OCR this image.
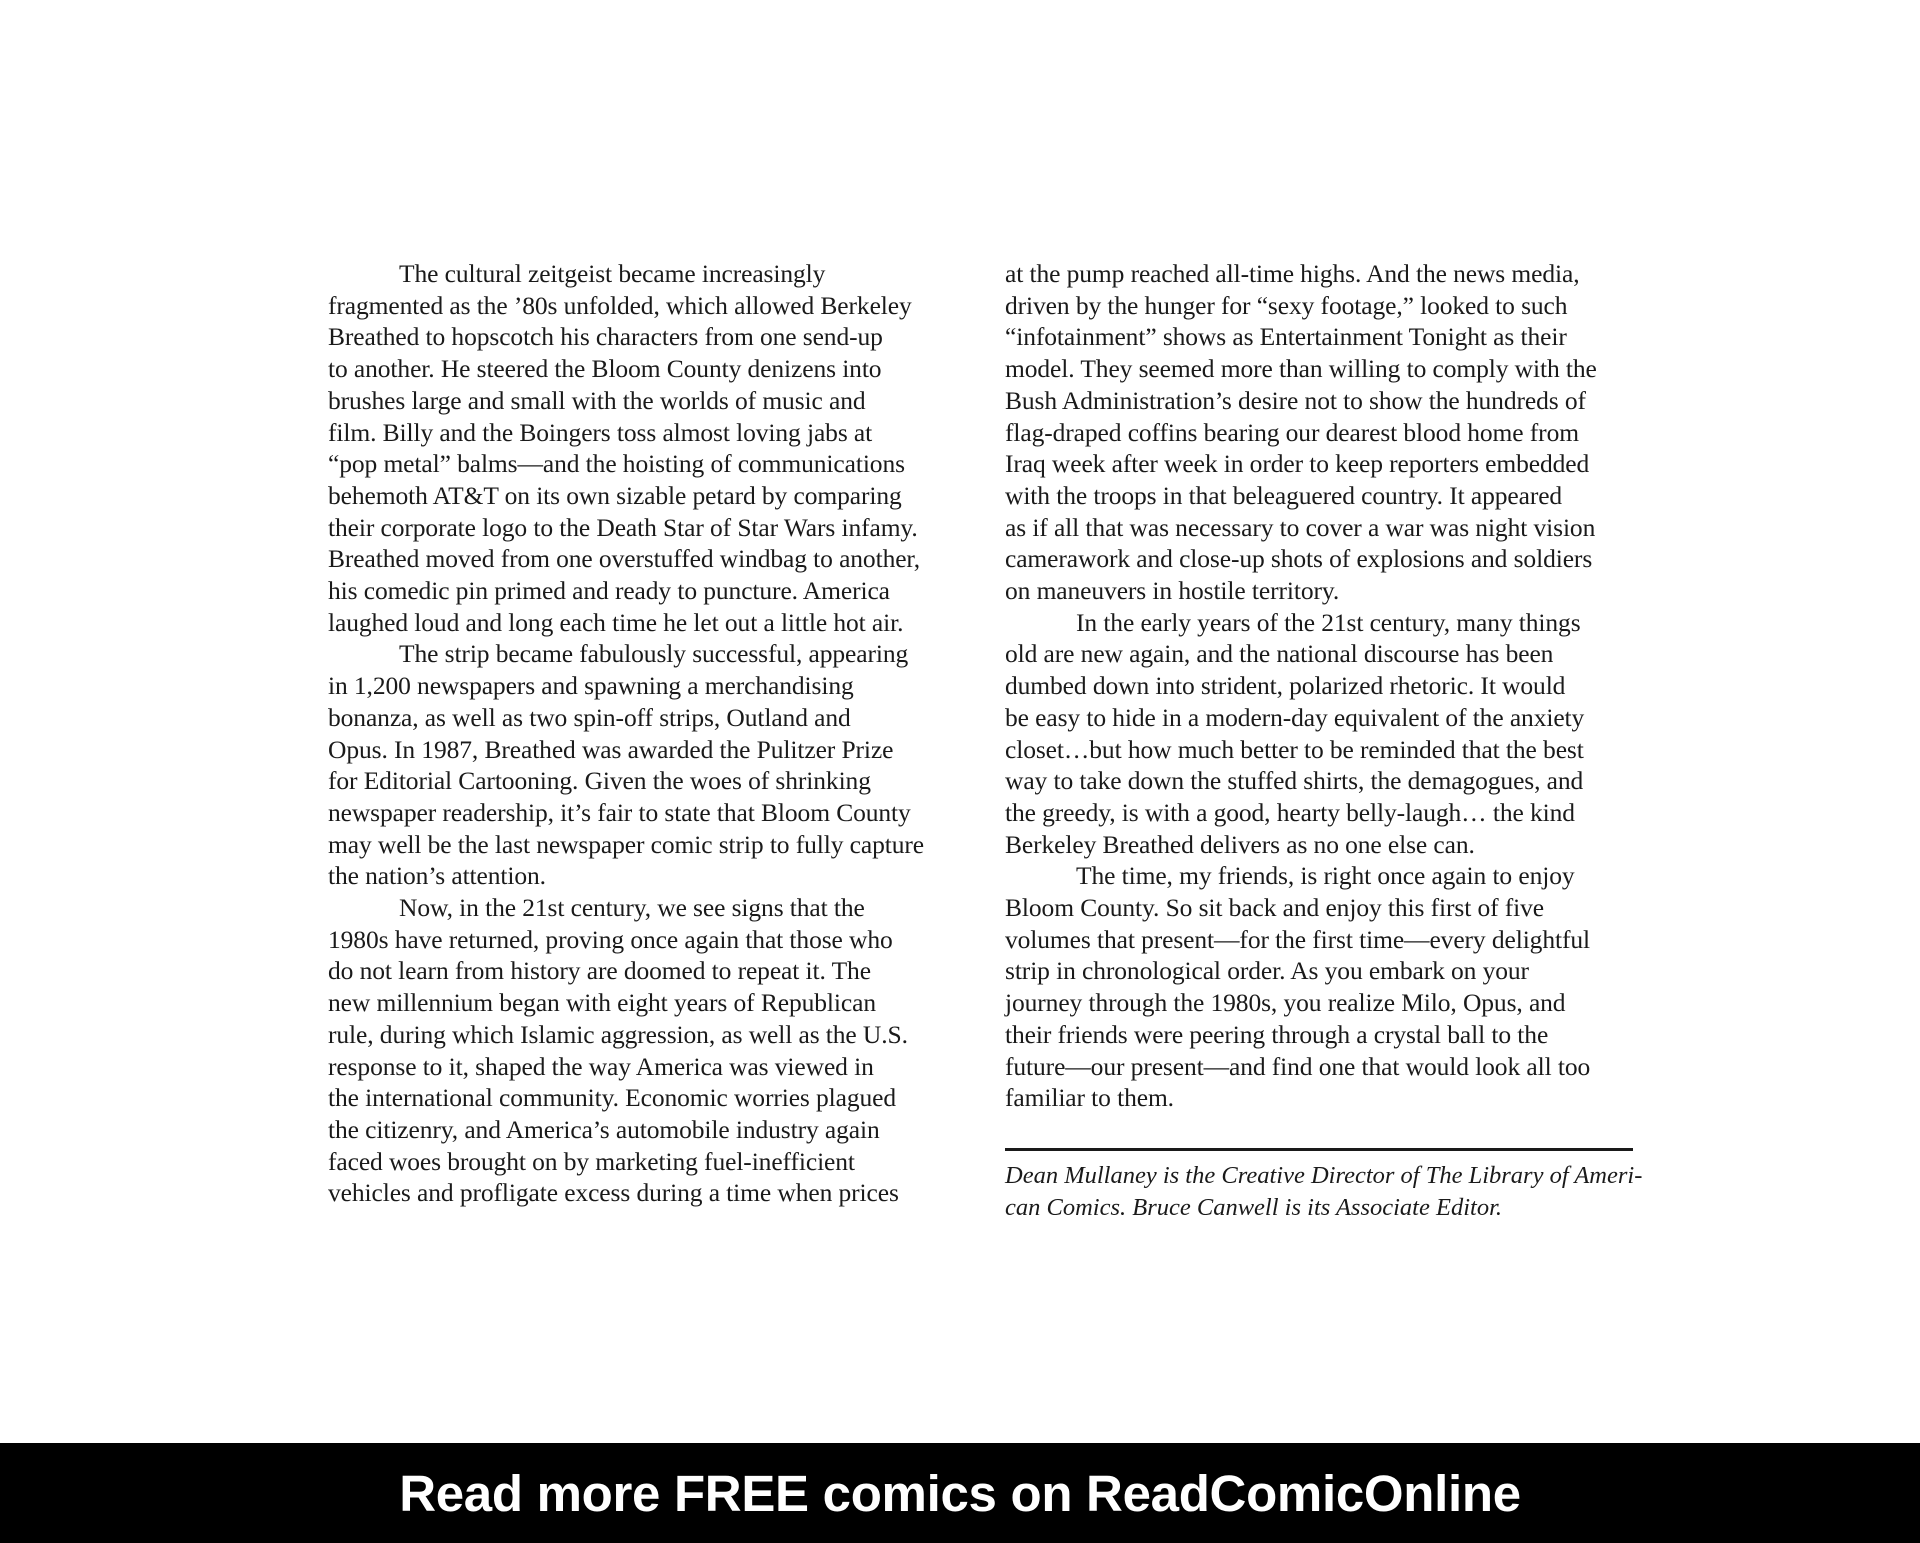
The cultural zeitgeist became increasingly
fragmented as the ’80s unfolded, which allowed Berkeley
Breathed to hopscotch his characters from one send-up
to another. He steered the Bloom County denizens into
brushes large and small with the worlds of music and
film. Billy and the Boingers toss almost loving jabs at
“pop metal” balms—and the hoisting of communications
behemoth AT&T on its own sizable petard by comparing
their corporate logo to the Death Star of Star Wars infamy.
Breathed moved from one overstuffed windbag to another,
his comedic pin primed and ready to puncture. America
laughed loud and long each time he let out a little hot air.
The strip became fabulously successful, appearing
in 1,200 newspapers and spawning a merchandising
bonanza, as well as two spin-off strips, Outland and
Opus. In 1987, Breathed was awarded the Pulitzer Prize
for Editorial Cartooning. Given the woes of shrinking
newspaper readership, it’s fair to state that Bloom County
may well be the last newspaper comic strip to fully capture
the nation’s attention.
Now, in the 21st century, we see signs that the
1980s have returned, proving once again that those who
do not learn from history are doomed to repeat it. The
new millennium began with eight years of Republican
rule, during which Islamic aggression, as well as the U.S.
response to it, shaped the way America was viewed in
the international community. Economic worries plagued
the citizenry, and America’s automobile industry again
faced woes brought on by marketing fuel-inefficient
vehicles and profligate excess during a time when prices
at the pump reached all-time highs. And the news media,
driven by the hunger for “sexy footage,” looked to such
“infotainment” shows as Entertainment Tonight as their
model. They seemed more than willing to comply with the
Bush Administration’s desire not to show the hundreds of
flag-draped coffins bearing our dearest blood home from
Iraq week after week in order to keep reporters embedded
with the troops in that beleaguered country. It appeared
as if all that was necessary to cover a war was night vision
camerawork and close-up shots of explosions and soldiers
on maneuvers in hostile territory.
In the early years of the 21st century, many things
old are new again, and the national discourse has been
dumbed down into strident, polarized rhetoric. It would
be easy to hide in a modern-day equivalent of the anxiety
closet…but how much better to be reminded that the best
way to take down the stuffed shirts, the demagogues, and
the greedy, is with a good, hearty belly-laugh… the kind
Berkeley Breathed delivers as no one else can.
The time, my friends, is right once again to enjoy
Bloom County. So sit back and enjoy this first of five
volumes that present—for the first time—every delightful
strip in chronological order. As you embark on your
journey through the 1980s, you realize Milo, Opus, and
their friends were peering through a crystal ball to the
future—our present—and find one that would look all too
familiar to them.
Dean Mullaney is the Creative Director of The Library of Ameri-
can Comics. Bruce Canwell is its Associate Editor.
Read more FREE comics on ReadComicOnline
